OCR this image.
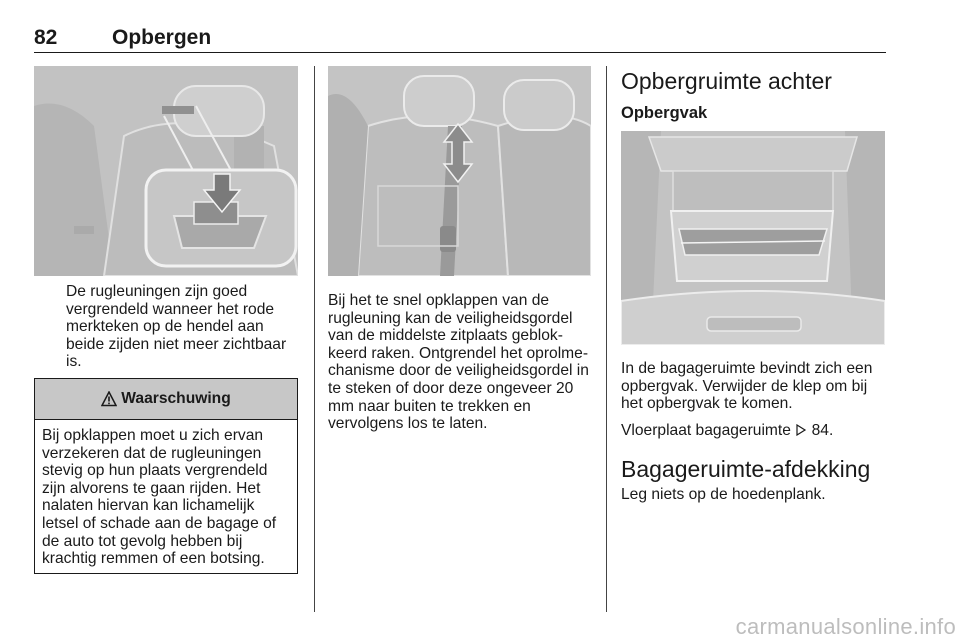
82	Opbergen

De rugleuningen zijn goed vergrendeld wanneer het rode merkteken op de hendel aan beide zijden niet meer zichtbaar is.

Waarschuwing
Bij opklappen moet u zich ervan verzekeren dat de rugleuningen stevig op hun plaats vergrendeld zijn alvorens te gaan rijden. Het nalaten hiervan kan lichamelijk letsel of schade aan de bagage of de auto tot gevolg hebben bij krachtig remmen of een botsing.

Bij het te snel opklappen van de rugleuning kan de veiligheidsgordel van de middelste zitplaats geblok-keerd raken. Ontgrendel het oprolme-chanisme door de veiligheidsgordel in te steken of door deze ongeveer 20 mm naar buiten te trekken en vervolgens los te laten.

Opbergruimte achter
Opbergvak

In de bagageruimte bevindt zich een opbergvak. Verwijder de klep om bij het opbergvak te komen.

Vloerplaat bagageruimte 84.

Bagageruimte-afdekking

Leg niets op de hoedenplank.

carmanualsonline.info
